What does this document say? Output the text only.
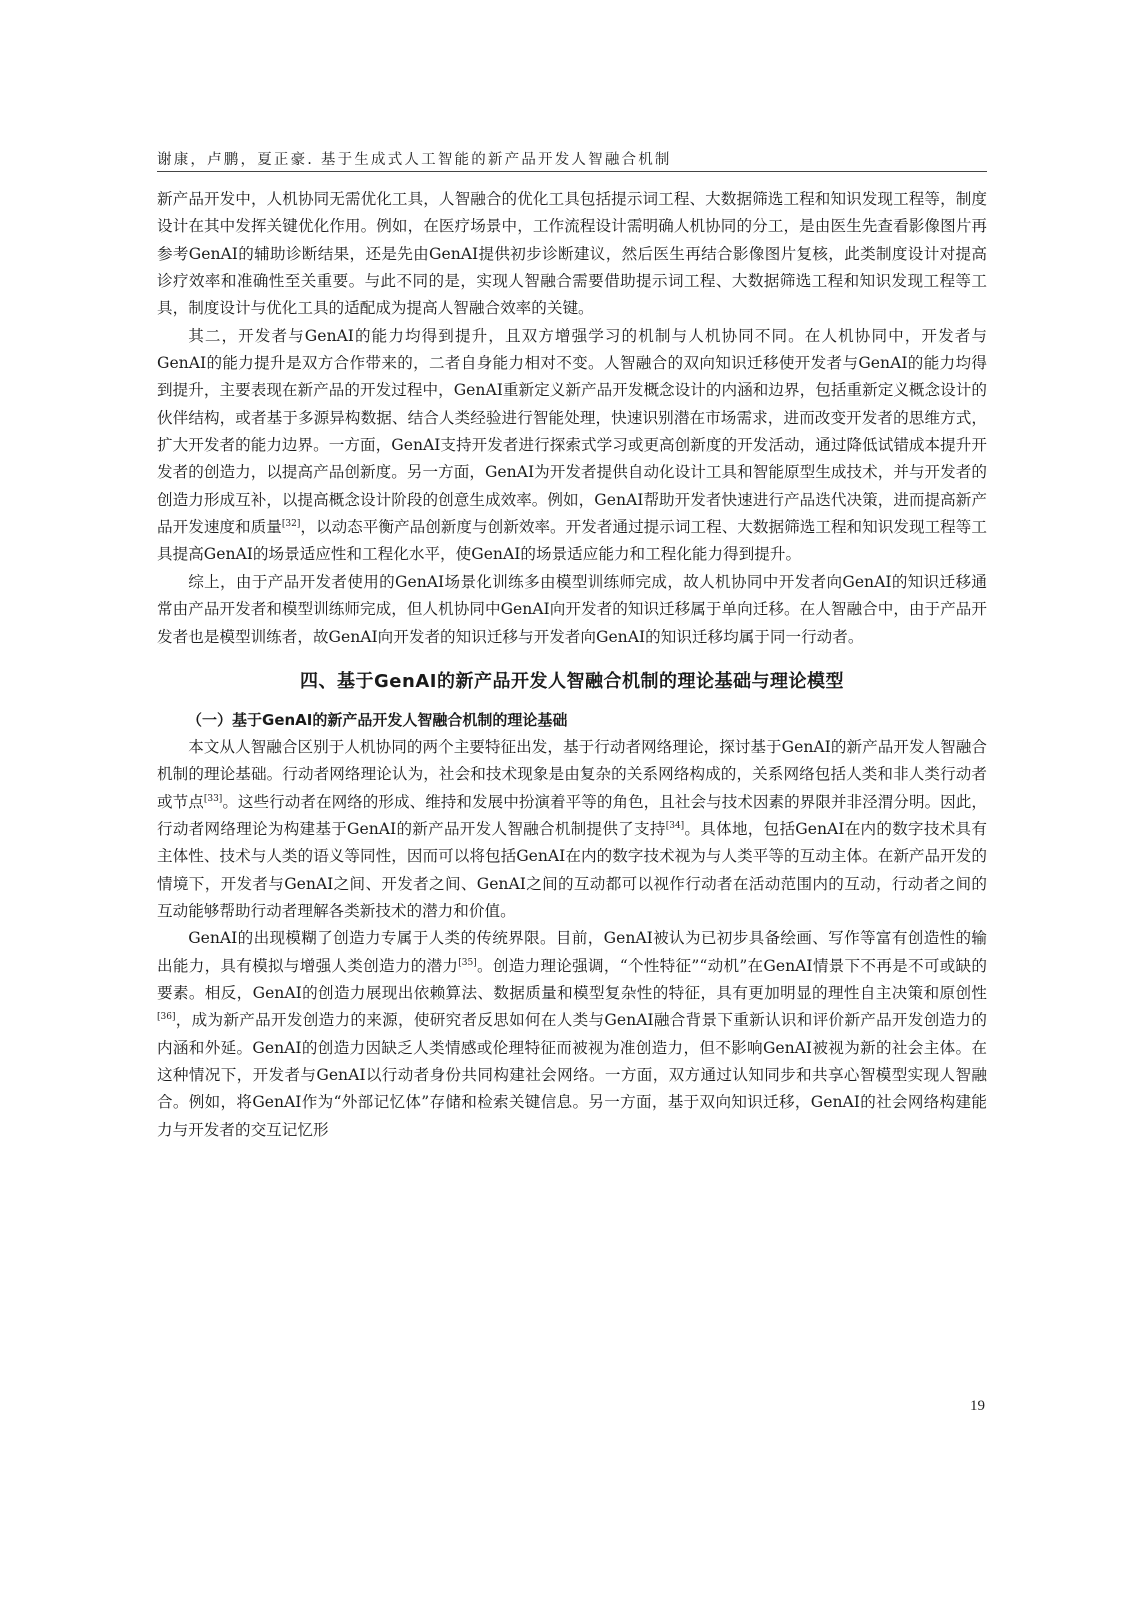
谢康，卢鹏，夏正豪. 基于生成式人工智能的新产品开发人智融合机制

新产品开发中，人机协同无需优化工具，人智融合的优化工具包括提示词工程、大数据筛选工程和知识发现工程等，制度设计在其中发挥关键优化作用。例如，在医疗场景中，工作流程设计需明确人机协同的分工，是由医生先查看影像图片再参考GenAI的辅助诊断结果，还是先由GenAI提供初步诊断建议，然后医生再结合影像图片复核，此类制度设计对提高诊疗效率和准确性至关重要。与此不同的是，实现人智融合需要借助提示词工程、大数据筛选工程和知识发现工程等工具，制度设计与优化工具的适配成为提高人智融合效率的关键。

其二，开发者与GenAI的能力均得到提升，且双方增强学习的机制与人机协同不同。在人机协同中，开发者与GenAI的能力提升是双方合作带来的，二者自身能力相对不变。人智融合的双向知识迁移使开发者与GenAI的能力均得到提升，主要表现在新产品的开发过程中，GenAI重新定义新产品开发概念设计的内涵和边界，包括重新定义概念设计的伙伴结构，或者基于多源异构数据、结合人类经验进行智能处理，快速识别潜在市场需求，进而改变开发者的思维方式，扩大开发者的能力边界。一方面，GenAI支持开发者进行探索式学习或更高创新度的开发活动，通过降低试错成本提升开发者的创造力，以提高产品创新度。另一方面，GenAI为开发者提供自动化设计工具和智能原型生成技术，并与开发者的创造力形成互补，以提高概念设计阶段的创意生成效率。例如，GenAI帮助开发者快速进行产品迭代决策，进而提高新产品开发速度和质量[32]，以动态平衡产品创新度与创新效率。开发者通过提示词工程、大数据筛选工程和知识发现工程等工具提高GenAI的场景适应性和工程化水平，使GenAI的场景适应能力和工程化能力得到提升。

综上，由于产品开发者使用的GenAI场景化训练多由模型训练师完成，故人机协同中开发者向GenAI的知识迁移通常由产品开发者和模型训练师完成，但人机协同中GenAI向开发者的知识迁移属于单向迁移。在人智融合中，由于产品开发者也是模型训练者，故GenAI向开发者的知识迁移与开发者向GenAI的知识迁移均属于同一行动者。

四、基于GenAI的新产品开发人智融合机制的理论基础与理论模型
（一）基于GenAI的新产品开发人智融合机制的理论基础

本文从人智融合区别于人机协同的两个主要特征出发，基于行动者网络理论，探讨基于GenAI的新产品开发人智融合机制的理论基础。行动者网络理论认为，社会和技术现象是由复杂的关系网络构成的，关系网络包括人类和非人类行动者或节点[33]。这些行动者在网络的形成、维持和发展中扮演着平等的角色，且社会与技术因素的界限并非泾渭分明。因此，行动者网络理论为构建基于GenAI的新产品开发人智融合机制提供了支持[34]。具体地，包括GenAI在内的数字技术具有主体性、技术与人类的语义等同性，因而可以将包括GenAI在内的数字技术视为与人类平等的互动主体。在新产品开发的情境下，开发者与GenAI之间、开发者之间、GenAI之间的互动都可以视作行动者在活动范围内的互动，行动者之间的互动能够帮助行动者理解各类新技术的潜力和价值。

GenAI的出现模糊了创造力专属于人类的传统界限。目前，GenAI被认为已初步具备绘画、写作等富有创造性的输出能力，具有模拟与增强人类创造力的潜力[35]。创造力理论强调，“个性特征”“动机”在GenAI情景下不再是不可或缺的要素。相反，GenAI的创造力展现出依赖算法、数据质量和模型复杂性的特征，具有更加明显的理性自主决策和原创性[36]，成为新产品开发创造力的来源，使研究者反思如何在人类与GenAI融合背景下重新认识和评价新产品开发创造力的内涵和外延。GenAI的创造力因缺乏人类情感或伦理特征而被视为准创造力，但不影响GenAI被视为新的社会主体。在这种情况下，开发者与GenAI以行动者身份共同构建社会网络。一方面，双方通过认知同步和共享心智模型实现人智融合。例如，将GenAI作为“外部记忆体”存储和检索关键信息。另一方面，基于双向知识迁移，GenAI的社会网络构建能力与开发者的交互记忆形

19
